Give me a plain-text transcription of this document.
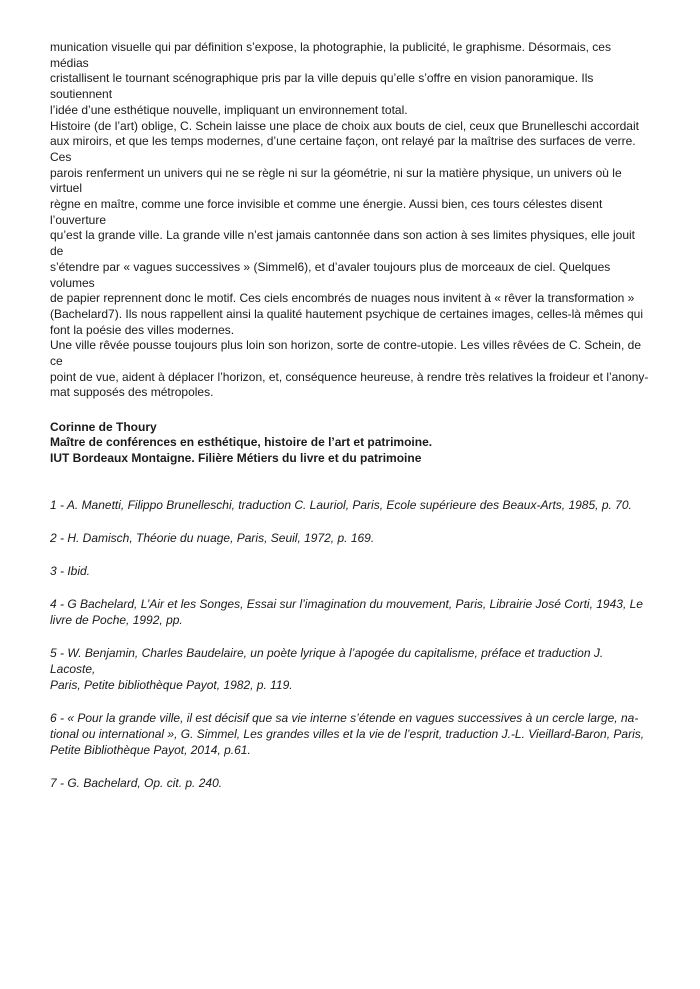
munication visuelle qui par définition s’expose, la photographie, la publicité, le graphisme. Désormais, ces médias
cristallisent le tournant scénographique pris par la ville depuis qu’elle s’offre en vision panoramique. Ils soutiennent
l’idée d’une esthétique nouvelle, impliquant un environnement total.

Histoire (de l’art) oblige, C. Schein laisse une place de choix aux bouts de ciel, ceux que Brunelleschi accordait
aux miroirs, et que les temps modernes, d’une certaine façon, ont relayé par la maîtrise des surfaces de verre. Ces
parois renferment un univers qui ne se règle ni sur la géométrie, ni sur la matière physique, un univers où le virtuel
règne en maître, comme une force invisible et comme une énergie. Aussi bien, ces tours célestes disent l’ouverture
qu’est la grande ville. La grande ville n’est jamais cantonnée dans son action à ses limites physiques, elle jouit de
s’étendre par « vagues successives » (Simmel6), et d’avaler toujours plus de morceaux de ciel. Quelques volumes
de papier reprennent donc le motif. Ces ciels encombrés de nuages nous invitent à « rêver la transformation »
(Bachelard7). Ils nous rappellent ainsi la qualité hautement psychique de certaines images, celles-là mêmes qui
font la poésie des villes modernes.

Une ville rêvée pousse toujours plus loin son horizon, sorte de contre-utopie. Les villes rêvées de C. Schein, de ce
point de vue, aident à déplacer l’horizon, et, conséquence heureuse, à rendre très relatives la froideur et l’anony-
mat supposés des métropoles.

Corinne de Thoury
Maître de conférences en esthétique, histoire de l’art et patrimoine.
IUT Bordeaux Montaigne. Filière Métiers du livre et du patrimoine

1 - A. Manetti, Filippo Brunelleschi, traduction C. Lauriol, Paris, Ecole supérieure des Beaux-Arts, 1985, p. 70.

2 - H. Damisch, Théorie du nuage, Paris, Seuil, 1972, p. 169.

3 - Ibid.

4 - G Bachelard, L’Air et les Songes, Essai sur l’imagination du mouvement, Paris, Librairie José Corti, 1943, Le
livre de Poche, 1992, pp.

5 - W. Benjamin, Charles Baudelaire, un poète lyrique à l’apogée du capitalisme, préface et traduction J. Lacoste,
Paris, Petite bibliothèque Payot, 1982, p. 119.

6 - « Pour la grande ville, il est décisif que sa vie interne s’étende en vagues successives à un cercle large, na-
tional ou international », G. Simmel, Les grandes villes et la vie de l’esprit, traduction J.-L. Vieillard-Baron, Paris,
Petite Bibliothèque Payot, 2014, p.61.

7 - G. Bachelard, Op. cit. p. 240.
